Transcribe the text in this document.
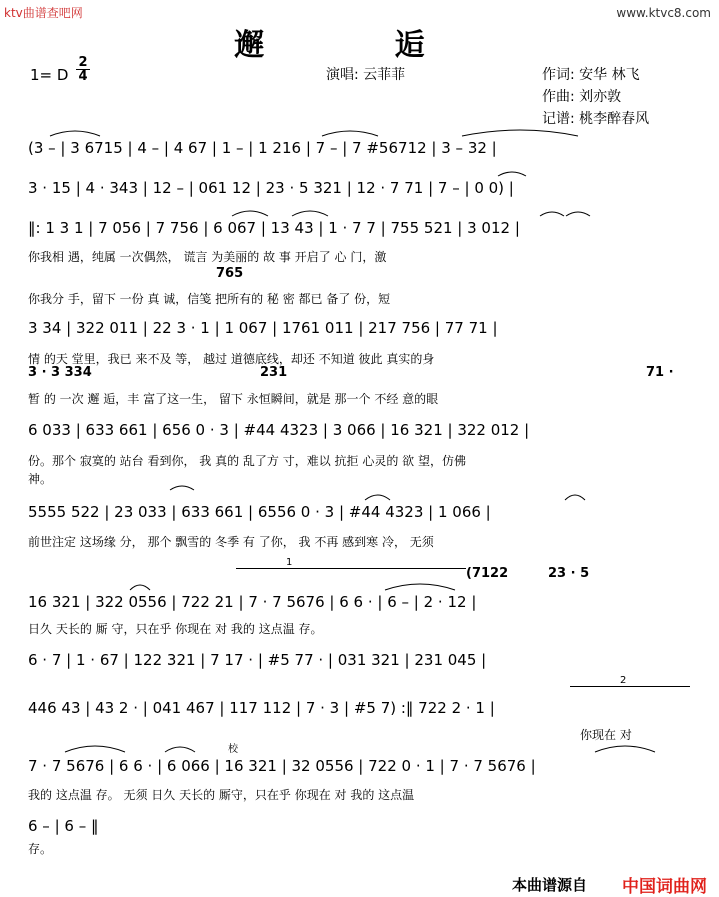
ktv曲谱查吧网	www.ktvc8.com
邂 逅
1= D $\frac{2}{4}$	演唱: 云菲菲	作词: 安华 林飞
作曲: 刘亦敦
记谱: 桃李醉春风
(3 – | 3 6715 | 4 – | 4 67 | 1 – | 1 216 | 7 – | 7 #56712 | 3 – 32 |
3 · 15 | 4 · 343 | 12 – | 061 12 | 23 · 5 321 | 12 · 7 71 | 7 – | 0 0) |
‖: 1 3 1 | 7 056 | 7 756 | 6 067 | 13 43 | 1 · 7 7 | 755 521 | 3 012 |
你我相 遇，纯属 一次偶然， 谎言 为美丽的 故 事 开启了 心 门，激
765
你我分 手，留下 一份 真 诚，信笺 把所有的 秘 密 都已 备了 份，短
3 34 | 322 011 | 22 3 · 1 | 1 067 | 1761 011 | 217 756 | 77 71 |
情 的天 堂里，我已 来不及 等， 越过 道德底线，却还 不知道 彼此 真实的身
3 · 3 334	231	71 ·
暂 的 一次 邂 逅，丰 富了这一生， 留下 永恒瞬间，就是 那一个 不经 意的眼
6 033 | 633 661 | 656 0 · 3 | #44 4323 | 3 066 | 16 321 | 322 012 |
份。那个 寂寞的 站台 看到你， 我 真的 乱了方 寸，难以 抗拒 心灵的 欲 望，仿佛
神。
5555 522 | 23 033 | 633 661 | 6556 0 · 3 | #44 4323 | 1 066 |
前世注定 这场缘 分， 那个 飘雪的 冬季 有 了你， 我 不再 感到寒 冷， 无须
1
(7122	23 · 5
16 321 | 322 0556 | 722 21 | 7 · 7 5676 | 6 6 · | 6 – | 2 · 12 |
日久 天长的 厮 守，只在乎 你现在 对 我的 这点温 存。
6 · 7 | 1 · 67 | 122 321 | 7 17 · | #5 77 · | 031 321 | 231 045 |
2
446 43 | 43 2 · | 041 467 | 117 112 | 7 · 3 | #5 7) :‖ 722 2 · 1 |
你现在 对
校
7 · 7 5676 | 6 6 · | 6 066 | 16 321 | 32 0556 | 722 0 · 1 | 7 · 7 5676 |
我的 这点温 存。 无须 日久 天长的 厮守，只在乎 你现在 对 我的 这点温
6 – | 6 – ‖
存。
本曲谱源自 中国词曲网
